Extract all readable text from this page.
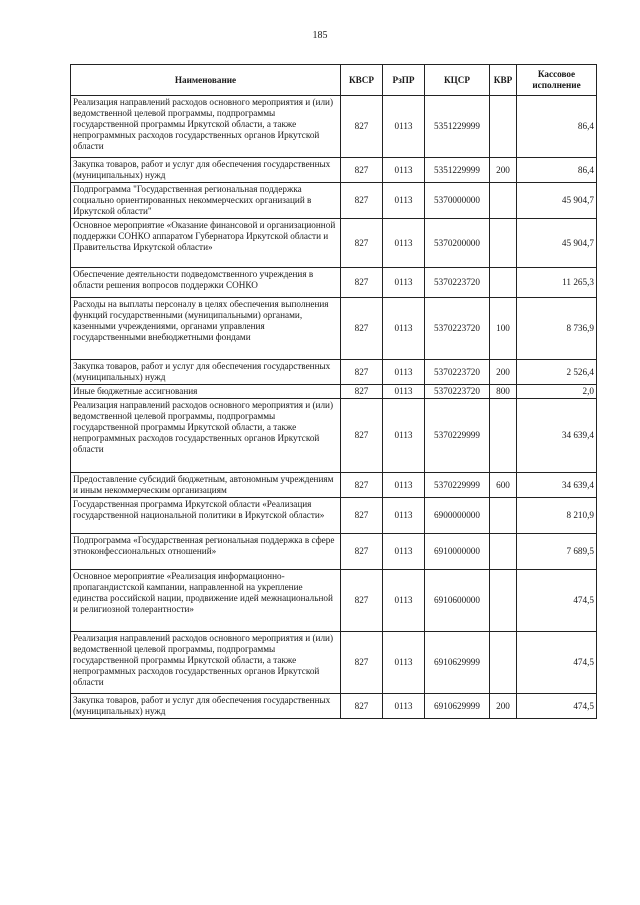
185
Наименование	КВСР	РзПР	КЦСР	КВР	Кассовое исполнение
Реализация направлений расходов основного мероприятия и (или) ведомственной целевой программы, подпрограммы государственной программы Иркутской области, а также непрограммных расходов государственных органов Иркутской области	827	0113	5351229999		86,4
Закупка товаров, работ и услуг для обеспечения государственных (муниципальных) нужд	827	0113	5351229999	200	86,4
Подпрограмма "Государственная региональная поддержка социально ориентированных некоммерческих организаций в Иркутской области"	827	0113	5370000000		45 904,7
Основное мероприятие «Оказание финансовой и организационной поддержки СОНКО аппаратом Губернатора Иркутской области и Правительства Иркутской области»	827	0113	5370200000		45 904,7
Обеспечение деятельности подведомственного учреждения в области решения вопросов поддержки СОНКО	827	0113	5370223720		11 265,3
Расходы на выплаты персоналу в целях обеспечения выполнения функций государственными (муниципальными) органами, казенными учреждениями, органами управления государственными внебюджетными фондами	827	0113	5370223720	100	8 736,9
Закупка товаров, работ и услуг для обеспечения государственных (муниципальных) нужд	827	0113	5370223720	200	2 526,4
Иные бюджетные ассигнования	827	0113	5370223720	800	2,0
Реализация направлений расходов основного мероприятия и (или) ведомственной целевой программы, подпрограммы государственной программы Иркутской области, а также непрограммных расходов государственных органов Иркутской области	827	0113	5370229999		34 639,4
Предоставление субсидий бюджетным, автономным учреждениям и иным некоммерческим организациям	827	0113	5370229999	600	34 639,4
Государственная программа Иркутской области «Реализация государственной национальной политики в Иркутской области»	827	0113	6900000000		8 210,9
Подпрограмма «Государственная региональная поддержка в сфере этноконфессиональных отношений»	827	0113	6910000000		7 689,5
Основное мероприятие «Реализация информационно-пропагандистской кампании, направленной на укрепление единства российской нации, продвижение идей межнациональной и религиозной толерантности»	827	0113	6910600000		474,5
Реализация направлений расходов основного мероприятия и (или) ведомственной целевой программы, подпрограммы государственной программы Иркутской области, а также непрограммных расходов государственных органов Иркутской области	827	0113	6910629999		474,5
Закупка товаров, работ и услуг для обеспечения государственных (муниципальных) нужд	827	0113	6910629999	200	474,5
